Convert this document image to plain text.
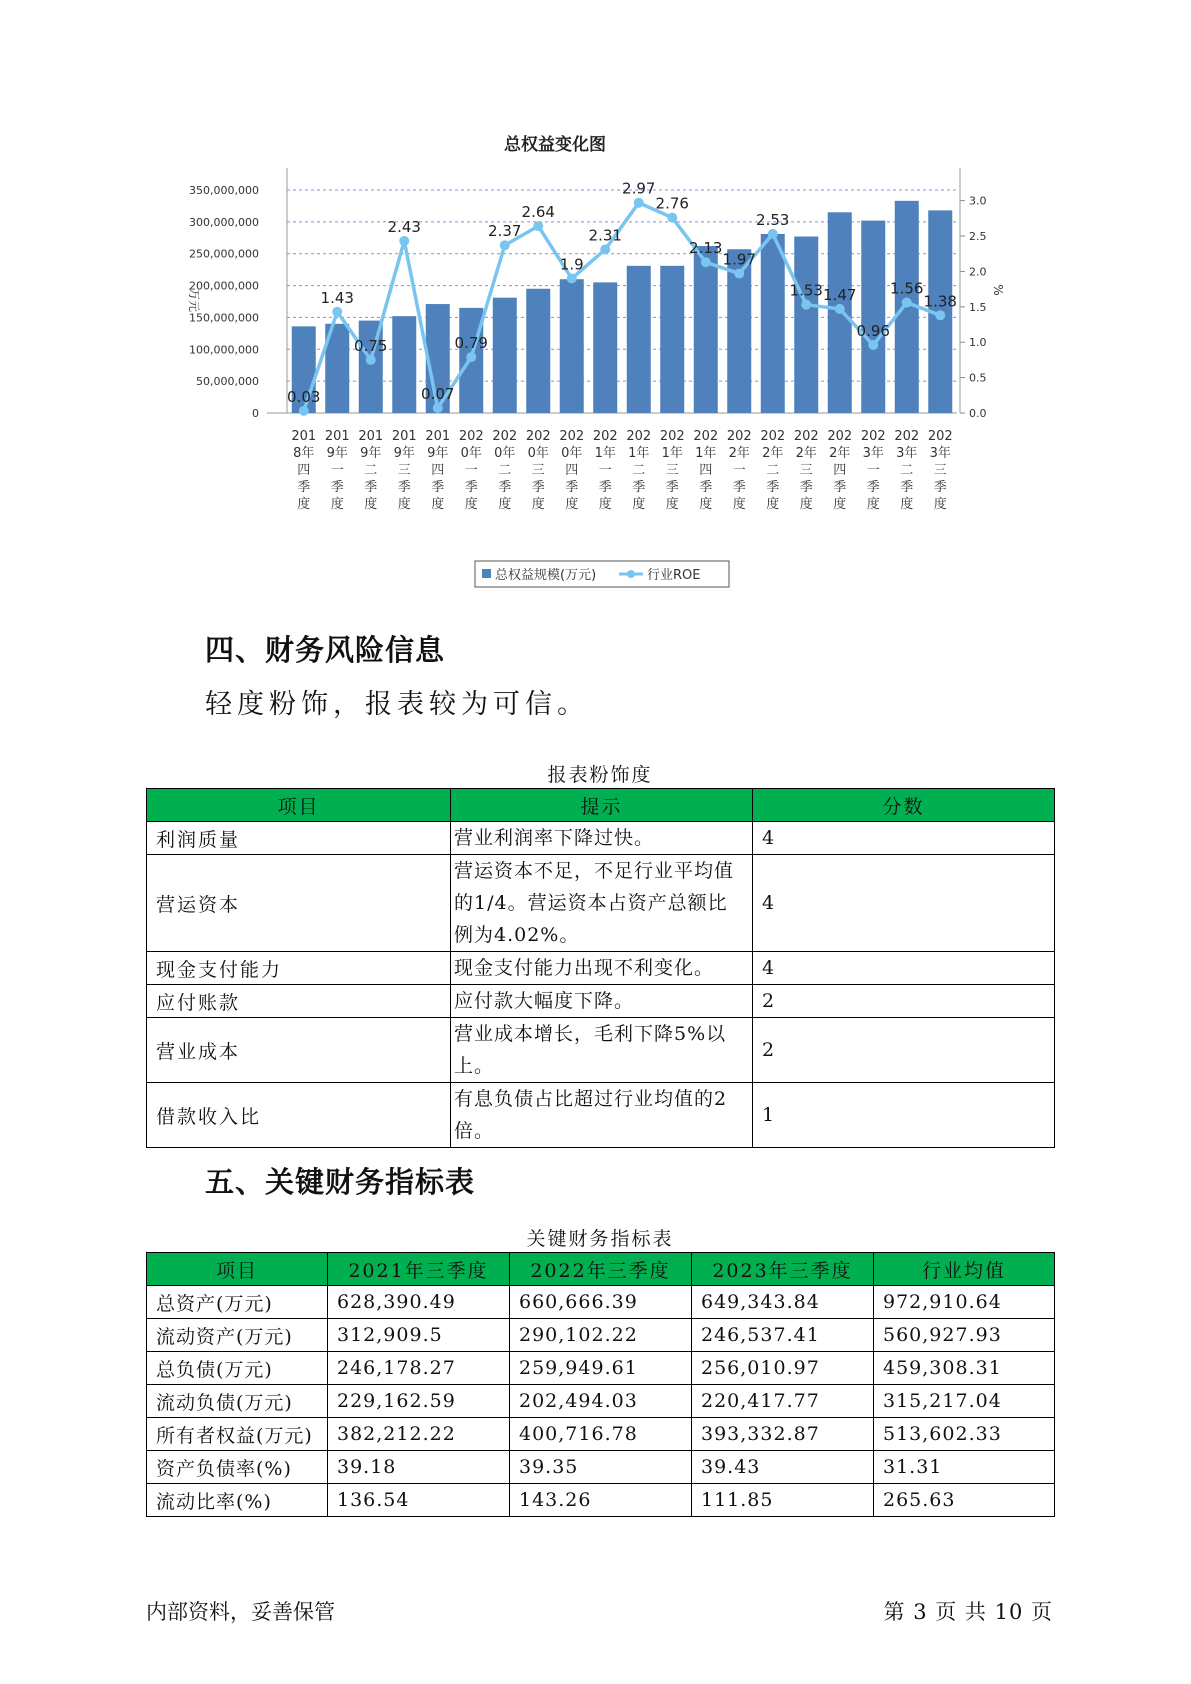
总权益变化图
0
50,000,000
100,000,000
150,000,000
200,000,000
250,000,000
300,000,000
350,000,000
0.0
0.5
1.0
1.5
2.0
2.5
3.0
万元	%
0.03
1.43
0.75
2.43
0.07
0.79
2.37
2.64
1.9
2.31
2.97
2.76
2.13
1.97
2.53
1.53 1.47
0.96
1.56
1.38
201 8年四季度
201 9年一季度
201 9年二季度
201 9年三季度
201 9年四季度
202 0年一季度
202 0年二季度
202 0年三季度
202 0年四季度
202 1年一季度
202 1年二季度
202 1年三季度
202 1年四季度
202 2年一季度
202 2年二季度
202 2年三季度
202 2年四季度
202 3年一季度
202 3年二季度
202 3年三季度
总权益规模(万元)	行业ROE
四、财务风险信息

轻度粉饰，报表较为可信。

报表粉饰度
项目	提示	分数
利润质量	营业利润率下降过快。	4
营运资本	营运资本不足，不足行业平均值的1/4。营运资本占资产总额比例为4.02%。	4
现金支付能力	现金支付能力出现不利变化。	4
应付账款	应付款大幅度下降。	2
营业成本	营业成本增长，毛利下降5%以上。	2
借款收入比	有息负债占比超过行业均值的2倍。	1
五、关键财务指标表
关键财务指标表
项目	2021年三季度	2022年三季度	2023年三季度	行业均值
总资产(万元)	628,390.49	660,666.39	649,343.84	972,910.64
流动资产(万元)	312,909.5	290,102.22	246,537.41	560,927.93
总负债(万元)	246,178.27	259,949.61	256,010.97	459,308.31
流动负债(万元)	229,162.59	202,494.03	220,417.77	315,217.04
所有者权益(万元)	382,212.22	400,716.78	393,332.87	513,602.33
资产负债率(%)	39.18	39.35	39.43	31.31
流动比率(%)	136.54	143.26	111.85	265.63
内部资料，妥善保管	第 3 页 共 10 页
